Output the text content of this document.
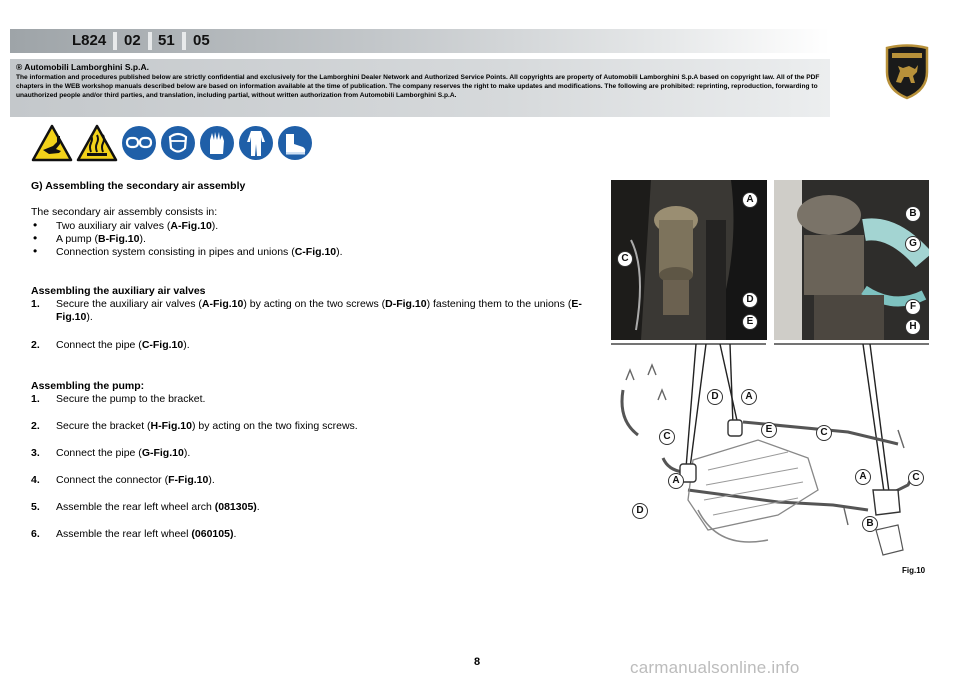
L824 02 51 05
® Automobili Lamborghini S.p.A.
The information and procedures published below are strictly confidential and exclusively for the Lamborghini Dealer Network and Authorized Service Points. All copyrights are property of Automobili Lamborghini S.p.A based on copyright law. All of the PDF chapters in the WEB workshop manuals described below are based on information available at the time of publication. The company reserves the right to make updates and modifications. The following are prohibited: reprinting, reproduction, forwarding to unauthorized people and/or third parties, and translation, including partial, without written authorization from Automobili Lamborghini S.p.A.
G) Assembling the secondary air assembly
The secondary air assembly consists in:
Two auxiliary air valves (A-Fig.10).
A pump (B-Fig.10).
Connection system consisting in pipes and unions (C-Fig.10).
Assembling the auxiliary air valves
1. Secure the auxiliary air valves (A-Fig.10) by acting on the two screws (D-Fig.10) fastening them to the unions (E-Fig.10).
2. Connect the pipe (C-Fig.10).
Assembling the pump:
1. Secure the pump to the bracket.
2. Secure the bracket (H-Fig.10) by acting on the two fixing screws.
3. Connect the pipe (G-Fig.10).
4. Connect the connector (F-Fig.10).
5. Assemble the rear left wheel arch (081305).
6. Assemble the rear left wheel (060105).
A
C
D
E
B
G
F
H
D	A
C
E	C
A	C
A
D
B
Fig.10
8	carmanualsonline.info
